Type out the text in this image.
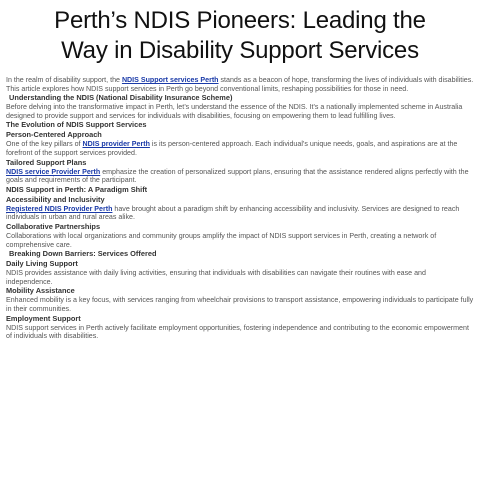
Perth’s NDIS Pioneers: Leading the
Way in Disability Support Services

In the realm of disability support, the NDIS Support services Perth stands as a beacon of hope, transforming the lives of individuals with disabilities. This article explores how NDIS support services in Perth go beyond conventional limits, reshaping possibilities for those in need.

Understanding the NDIS (National Disability Insurance Scheme)

Before delving into the transformative impact in Perth, let’s understand the essence of the NDIS. It’s a nationally implemented scheme in Australia designed to provide support and services for individuals with disabilities, focusing on empowering them to lead fulfilling lives.

The Evolution of NDIS Support Services
Person-Centered Approach

One of the key pillars of NDIS provider Perth is its person-centered approach. Each individual’s unique needs, goals, and aspirations are at the forefront of the support services provided.

Tailored Support Plans

NDIS service Provider Perth emphasize the creation of personalized support plans, ensuring that the assistance rendered aligns perfectly with the goals and requirements of the participant.

NDIS Support in Perth: A Paradigm Shift
Accessibility and Inclusivity

Registered NDIS Provider Perth have brought about a paradigm shift by enhancing accessibility and inclusivity. Services are designed to reach individuals in urban and rural areas alike.

Collaborative Partnerships

Collaborations with local organizations and community groups amplify the impact of NDIS support services in Perth, creating a network of comprehensive care.

Breaking Down Barriers: Services Offered
Daily Living Support

NDIS provides assistance with daily living activities, ensuring that individuals with disabilities can navigate their routines with ease and independence.

Mobility Assistance

Enhanced mobility is a key focus, with services ranging from wheelchair provisions to transport assistance, empowering individuals to participate fully in their communities.

Employment Support

NDIS support services in Perth actively facilitate employment opportunities, fostering independence and contributing to the economic empowerment of individuals with disabilities.
